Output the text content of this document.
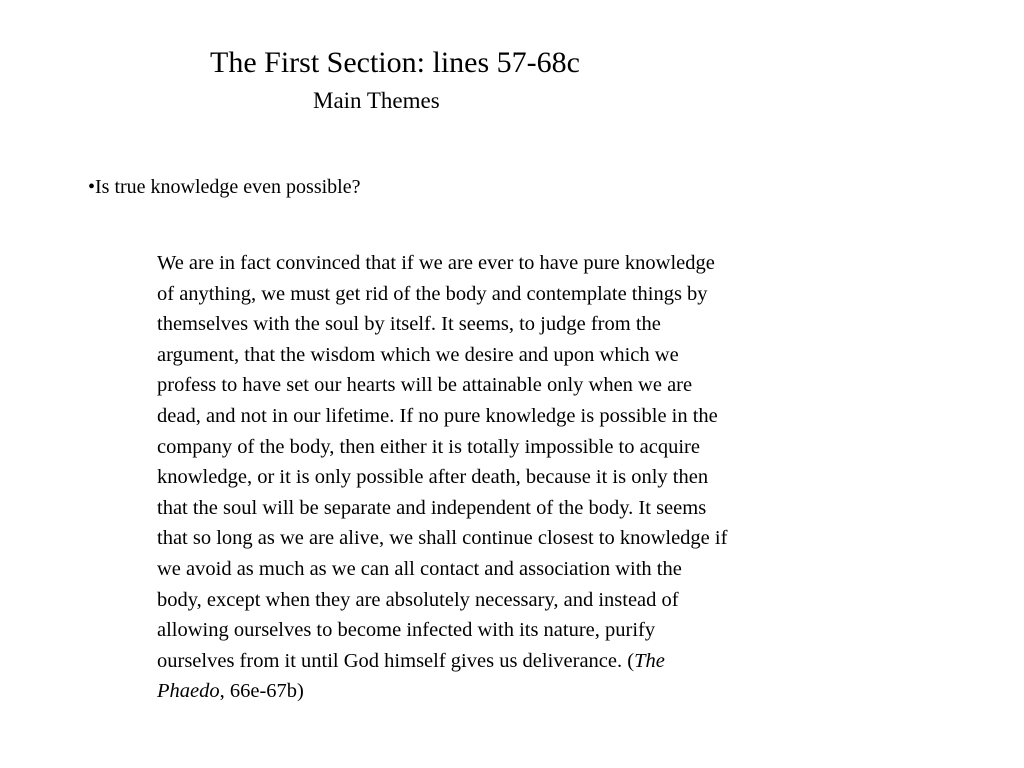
The First Section: lines 57-68c
Main Themes
•Is true knowledge even possible?
We are in fact convinced that if we are ever to have pure knowledge
of anything, we must get rid of the body and contemplate things by
themselves with the soul by itself. It seems, to judge from the
argument, that the wisdom which we desire and upon which we
profess to have set our hearts will be attainable only when we are
dead, and not in our lifetime. If no pure knowledge is possible in the
company of the body, then either it is totally impossible to acquire
knowledge, or it is only possible after death, because it is only then
that the soul will be separate and independent of the body. It seems
that so long as we are alive, we shall continue closest to knowledge if
we avoid as much as we can all contact and association with the
body, except when they are absolutely necessary, and instead of
allowing ourselves to become infected with its nature, purify
ourselves from it until God himself gives us deliverance. (The
Phaedo, 66e-67b)
